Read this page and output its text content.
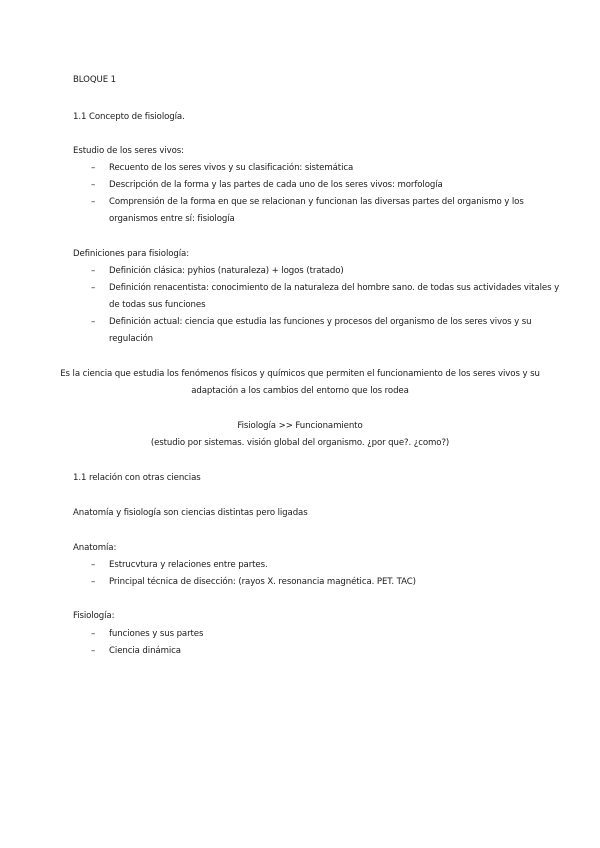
BLOQUE 1
1.1 Concepto de fisiología.
Estudio de los seres vivos:
– Recuento de los seres vivos y su clasificación: sistemática
– Descripción de la forma y las partes de cada uno de los seres vivos: morfología
– Comprensión de la forma en que se relacionan y funcionan las diversas partes del organismo y los
organismos entre sí: fisiología
Definiciones para fisiología:
– Definición clásica: pyhios (naturaleza) + logos (tratado)
– Definición renacentista: conocimiento de la naturaleza del hombre sano. de todas sus actividades vitales y
de todas sus funciones
– Definición actual: ciencia que estudia las funciones y procesos del organismo de los seres vivos y su
regulación
Es la ciencia que estudia los fenómenos físicos y químicos que permiten el funcionamiento de los seres vivos y su
adaptación a los cambios del entorno que los rodea
Fisiología >> Funcionamiento
(estudio por sistemas. visión global del organismo. ¿por que?. ¿como?)
1.1 relación con otras ciencias
Anatomía y fisiología son ciencias distintas pero ligadas
Anatomía:
– Estrucvtura y relaciones entre partes.
– Principal técnica de disección: (rayos X. resonancia magnética. PET. TAC)
Fisiología:
– funciones y sus partes
– Ciencia dinámica
